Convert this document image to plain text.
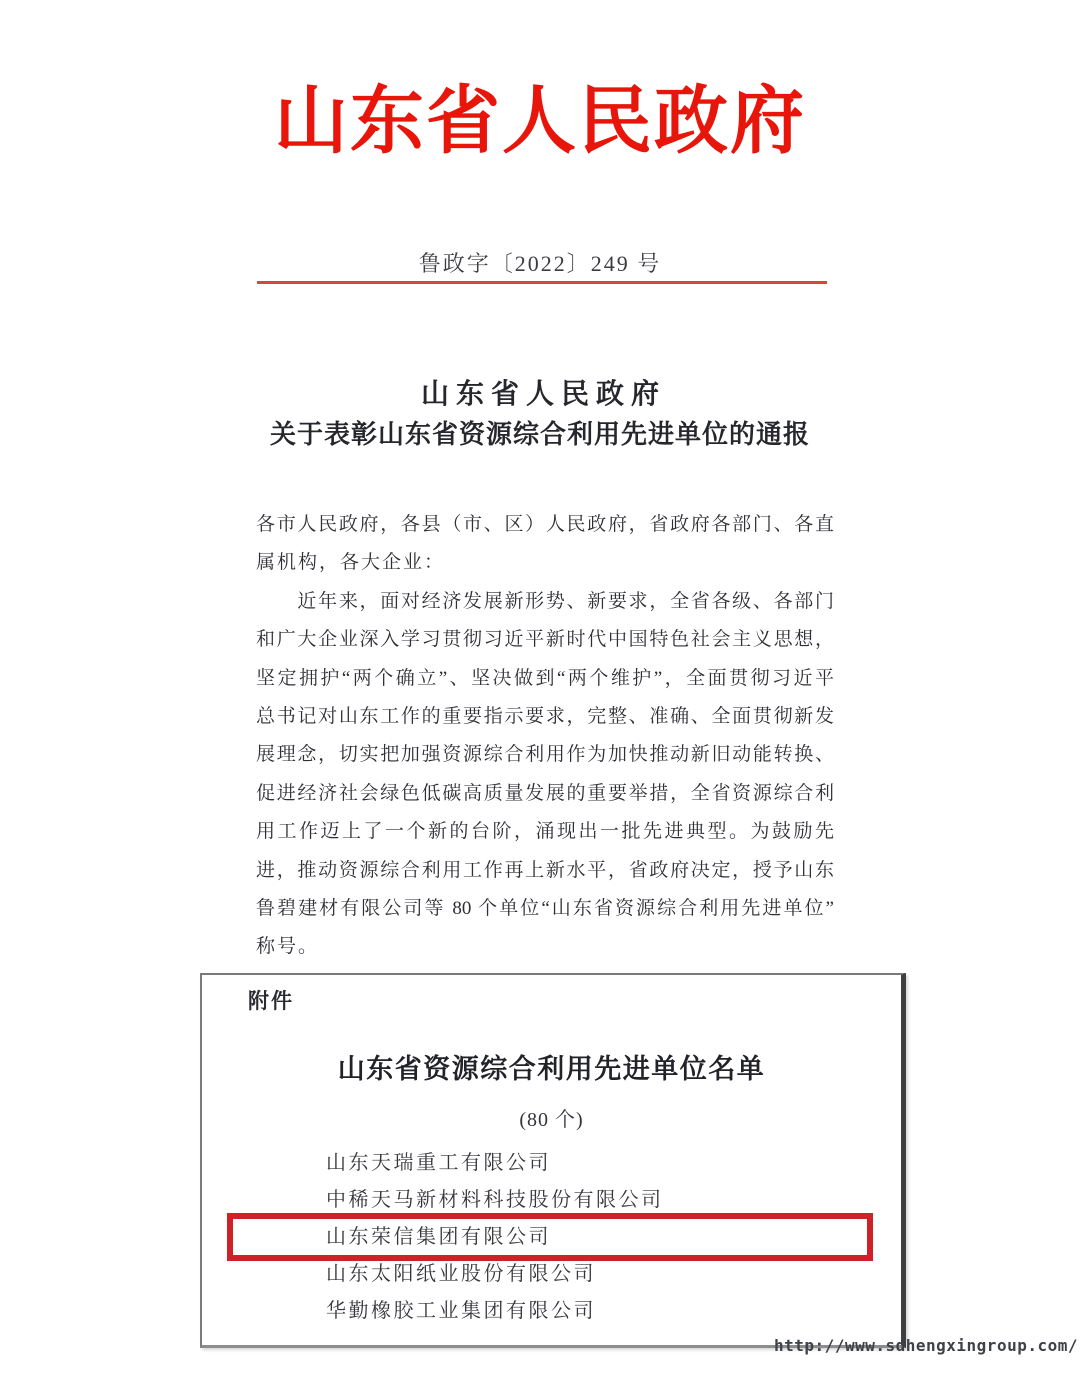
山东省人民政府
鲁政字〔2022〕249 号
山 东 省 人 民 政 府
关于表彰山东省资源综合利用先进单位的通报
各市人民政府，各县（市、区）人民政府，省政府各部门、各直
属机构，各大企业：
　　近年来，面对经济发展新形势、新要求，全省各级、各部门
和广大企业深入学习贯彻习近平新时代中国特色社会主义思想，
坚定拥护“两个确立”、坚决做到“两个维护”，全面贯彻习近平
总书记对山东工作的重要指示要求，完整、准确、全面贯彻新发
展理念，切实把加强资源综合利用作为加快推动新旧动能转换、
促进经济社会绿色低碳高质量发展的重要举措，全省资源综合利
用工作迈上了一个新的台阶，涌现出一批先进典型。为鼓励先
进，推动资源综合利用工作再上新水平，省政府决定，授予山东
鲁碧建材有限公司等 80 个单位“山东省资源综合利用先进单位”
称号。
附件
山东省资源综合利用先进单位名单
(80 个)
山东天瑞重工有限公司
中稀天马新材料科技股份有限公司
山东荣信集团有限公司
山东太阳纸业股份有限公司
华勤橡胶工业集团有限公司
http://www.sdhengxingroup.com/
